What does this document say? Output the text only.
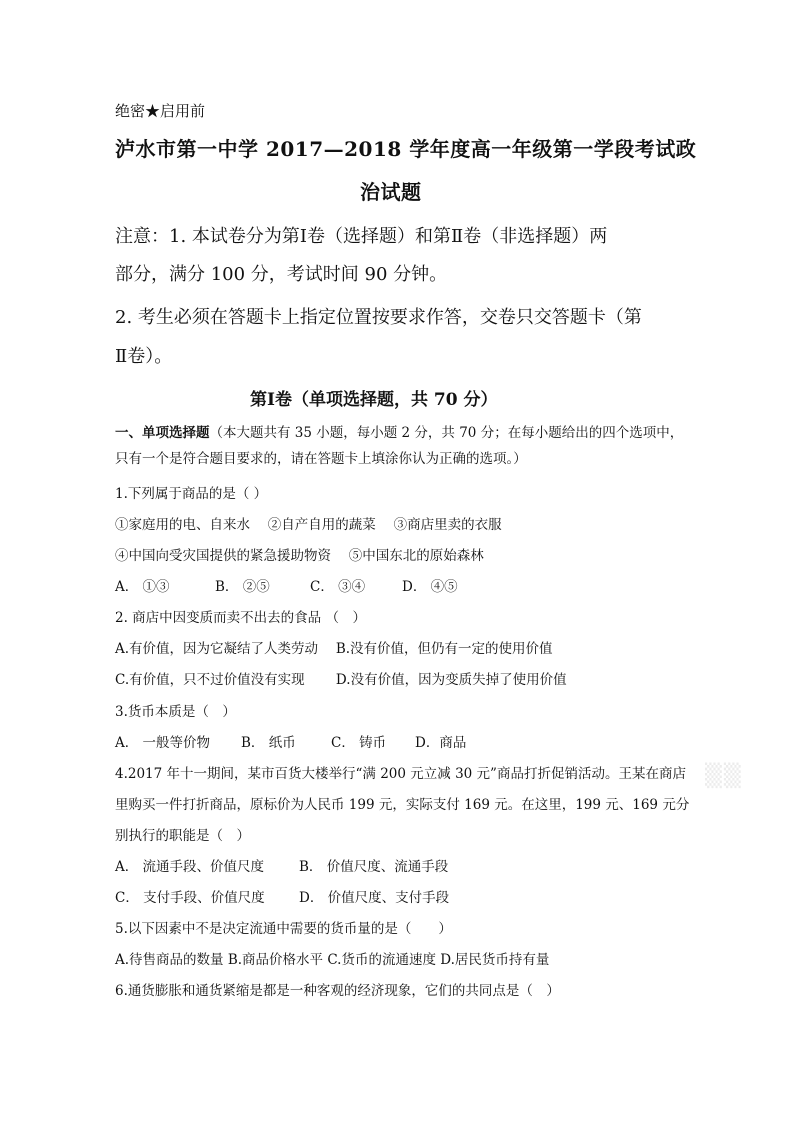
绝密★启用前
泸水市第一中学 2017—2018 学年度高一年级第一学段考试政
治试题
注意：1. 本试卷分为第Ⅰ卷（选择题）和第Ⅱ卷（非选择题）两
部分，满分 100 分，考试时间 90 分钟。
2. 考生必须在答题卡上指定位置按要求作答，交卷只交答题卡（第
Ⅱ卷）。
第Ⅰ卷（单项选择题，共 70 分）
一、单项选择题（本大题共有 35 小题，每小题 2 分，共 70 分；在每小题给出的四个选项中，
只有一个是符合题目要求的，请在答题卡上填涂你认为正确的选项。）
1.下列属于商品的是（ ）
①家庭用的电、自来水　 ②自产自用的蔬菜　 ③商店里卖的衣服
④中国向受灾国提供的紧急援助物资　 ⑤中国东北的原始森林
A． ①③	B． ②⑤	C． ③④	D． ④⑤
2. 商店中因变质而卖不出去的食品 （　）
A.有价值，因为它凝结了人类劳动　 B.没有价值，但仍有一定的使用价值
C.有价值，只不过价值没有实现　　 D.没有价值，因为变质失掉了使用价值
3.货币本质是（　）
A． 一般等价物 B． 纸币	C． 铸币 D．商品
4.2017 年十一期间，某市百货大楼举行“满 200 元立减 30 元”商品打折促销活动。王某在商店
里购买一件打折商品，原标价为人民币 199 元，实际支付 169 元。在这里，199 元、169 元分
别执行的职能是（　）
A． 流通手段、价值尺度	B． 价值尺度、流通手段
C． 支付手段、价值尺度	D． 价值尺度、支付手段
5.以下因素中不是决定流通中需要的货币量的是（　　）
A.待售商品的数量 B.商品价格水平 C.货币的流通速度 D.居民货币持有量
6.通货膨胀和通货紧缩是都是一种客观的经济现象，它们的共同点是（　）
▒▒
